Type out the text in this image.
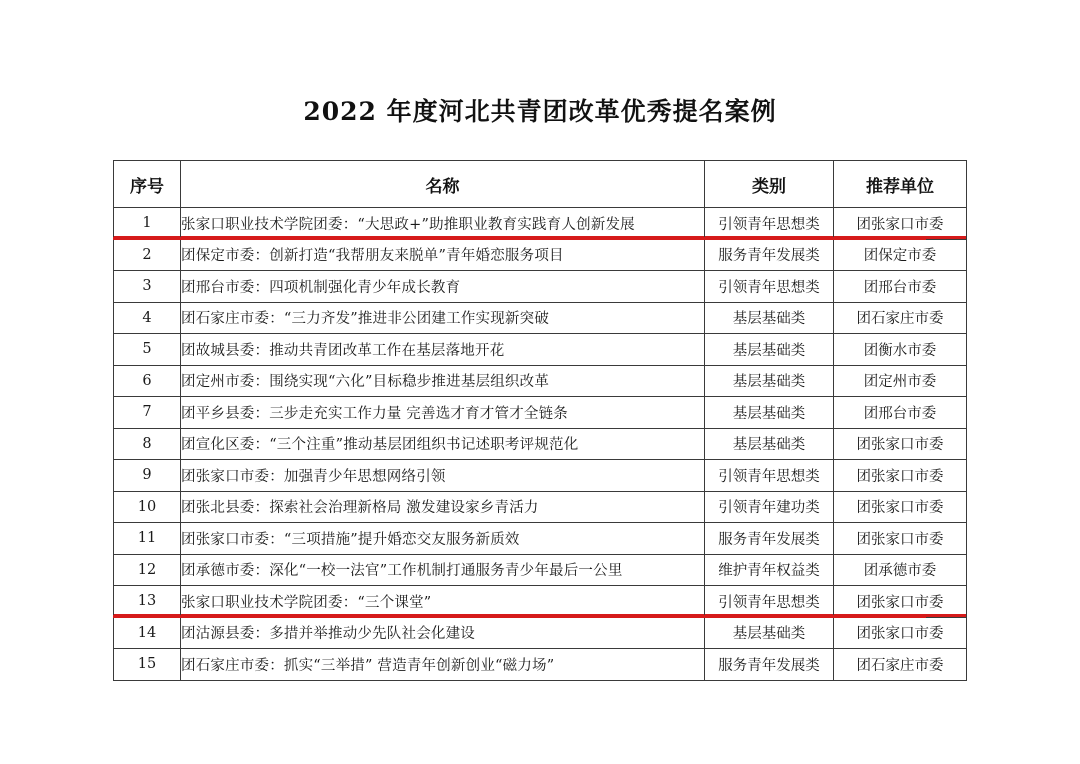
2022 年度河北共青团改革优秀提名案例
序号	名称	类别	推荐单位
1	张家口职业技术学院团委：“大思政+”助推职业教育实践育人创新发展	引领青年思想类	团张家口市委
2	团保定市委：创新打造“我帮朋友来脱单”青年婚恋服务项目	服务青年发展类	团保定市委
3	团邢台市委：四项机制强化青少年成长教育	引领青年思想类	团邢台市委
4	团石家庄市委：“三力齐发”推进非公团建工作实现新突破	基层基础类	团石家庄市委
5	团故城县委：推动共青团改革工作在基层落地开花	基层基础类	团衡水市委
6	团定州市委：围绕实现“六化”目标稳步推进基层组织改革	基层基础类	团定州市委
7	团平乡县委：三步走充实工作力量 完善选才育才管才全链条	基层基础类	团邢台市委
8	团宣化区委：“三个注重”推动基层团组织书记述职考评规范化	基层基础类	团张家口市委
9	团张家口市委：加强青少年思想网络引领	引领青年思想类	团张家口市委
10	团张北县委：探索社会治理新格局 激发建设家乡青活力	引领青年建功类	团张家口市委
11	团张家口市委：“三项措施”提升婚恋交友服务新质效	服务青年发展类	团张家口市委
12	团承德市委：深化“一校一法官”工作机制打通服务青少年最后一公里	维护青年权益类	团承德市委
13	张家口职业技术学院团委：“三个课堂”	引领青年思想类	团张家口市委
14	团沽源县委：多措并举推动少先队社会化建设	基层基础类	团张家口市委
15	团石家庄市委：抓实“三举措” 营造青年创新创业“磁力场”	服务青年发展类	团石家庄市委
